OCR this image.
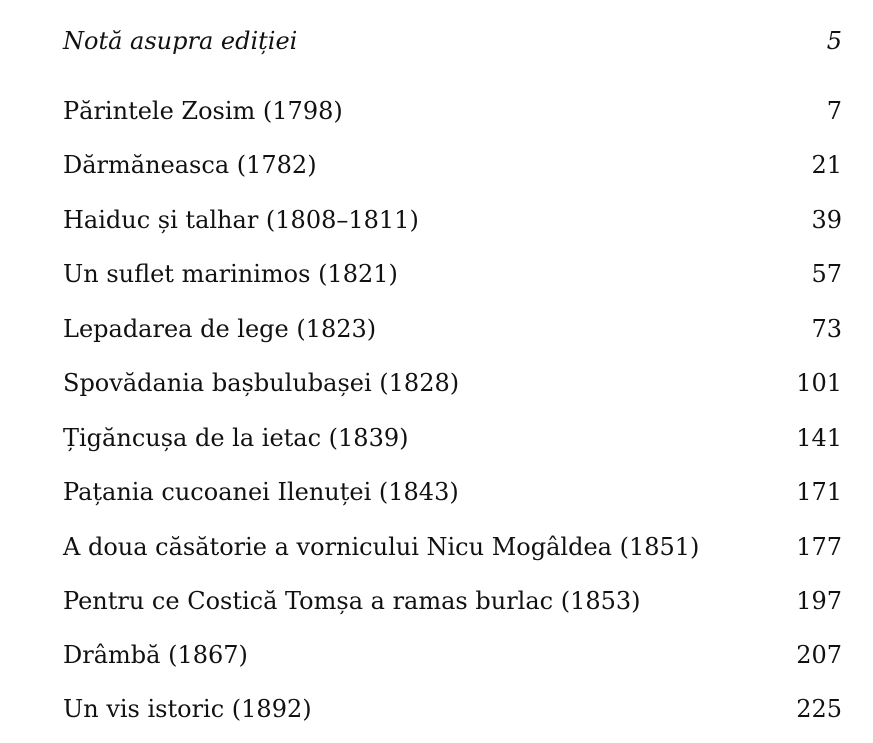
Notă asupra ediției	5
Părintele Zosim (1798)	7
Dărmăneasca (1782)	21
Haiduc și talhar (1808–1811)	39
Un suflet marinimos (1821)	57
Lepadarea de lege (1823)	73
Spovădania bașbulubașei (1828)	101
Țigăncușa de la ietac (1839)	141
Pațania cucoanei Ilenuței (1843)	171
A doua căsătorie a vornicului Nicu Mogâldea (1851)	177
Pentru ce Costică Tomșa a ramas burlac (1853)	197
Drâmbă (1867)	207
Un vis istoric (1892)	225
